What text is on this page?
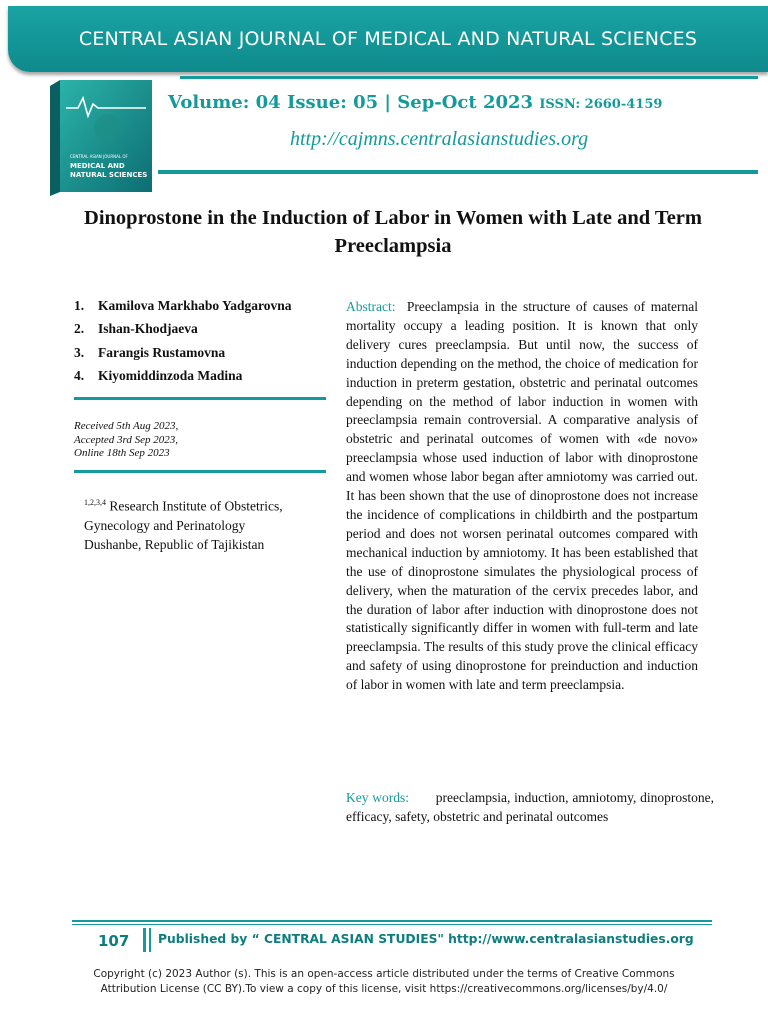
CENTRAL ASIAN JOURNAL OF MEDICAL AND NATURAL SCIENCES
CENTRAL ASIAN JOURNAL OF
MEDICAL AND
NATURAL SCIENCES
Volume: 04 Issue: 05 | Sep-Oct 2023 ISSN: 2660-4159
http://cajmns.centralasianstudies.org
Dinoprostone in the Induction of Labor in Women with Late and Term Preeclampsia
1. Kamilova Markhabo Yadgarovna
2. Ishan-Khodjaeva
3. Farangis Rustamovna
4. Kiyomiddinzoda Madina
Received 5th Aug 2023,
Accepted 3rd Sep 2023,
Online 18th Sep 2023
$^{1,2,3,4}$ Research Institute of Obstetrics,
Gynecology and Perinatology
Dushanbe, Republic of Tajikistan
Abstract: Preeclampsia in the structure of causes of maternal mortality occupy a leading position. It is known that only delivery cures preeclampsia. But until now, the success of induction depending on the method, the choice of medication for induction in preterm gestation, obstetric and perinatal outcomes depending on the method of labor induction in women with preeclampsia remain controversial. A comparative analysis of obstetric and perinatal outcomes of women with «de novo» preeclampsia whose used induction of labor with dinoprostone and women whose labor began after amniotomy was carried out. It has been shown that the use of dinoprostone does not increase the incidence of complications in childbirth and the postpartum period and does not worsen perinatal outcomes compared with mechanical induction by amniotomy. It has been established that the use of dinoprostone simulates the physiological process of delivery, when the maturation of the cervix precedes labor, and the duration of labor after induction with dinoprostone does not statistically significantly differ in women with full-term and late preeclampsia. The results of this study prove the clinical efficacy and safety of using dinoprostone for preinduction and induction of labor in women with late and term preeclampsia.
Key words: preeclampsia, induction, amniotomy, dinoprostone, efficacy, safety, obstetric and perinatal outcomes
107 Published by “ CENTRAL ASIAN STUDIES" http://www.centralasianstudies.org
Copyright (c) 2023 Author (s). This is an open-access article distributed under the terms of Creative Commons Attribution License (CC BY).To view a copy of this license, visit https://creativecommons.org/licenses/by/4.0/
